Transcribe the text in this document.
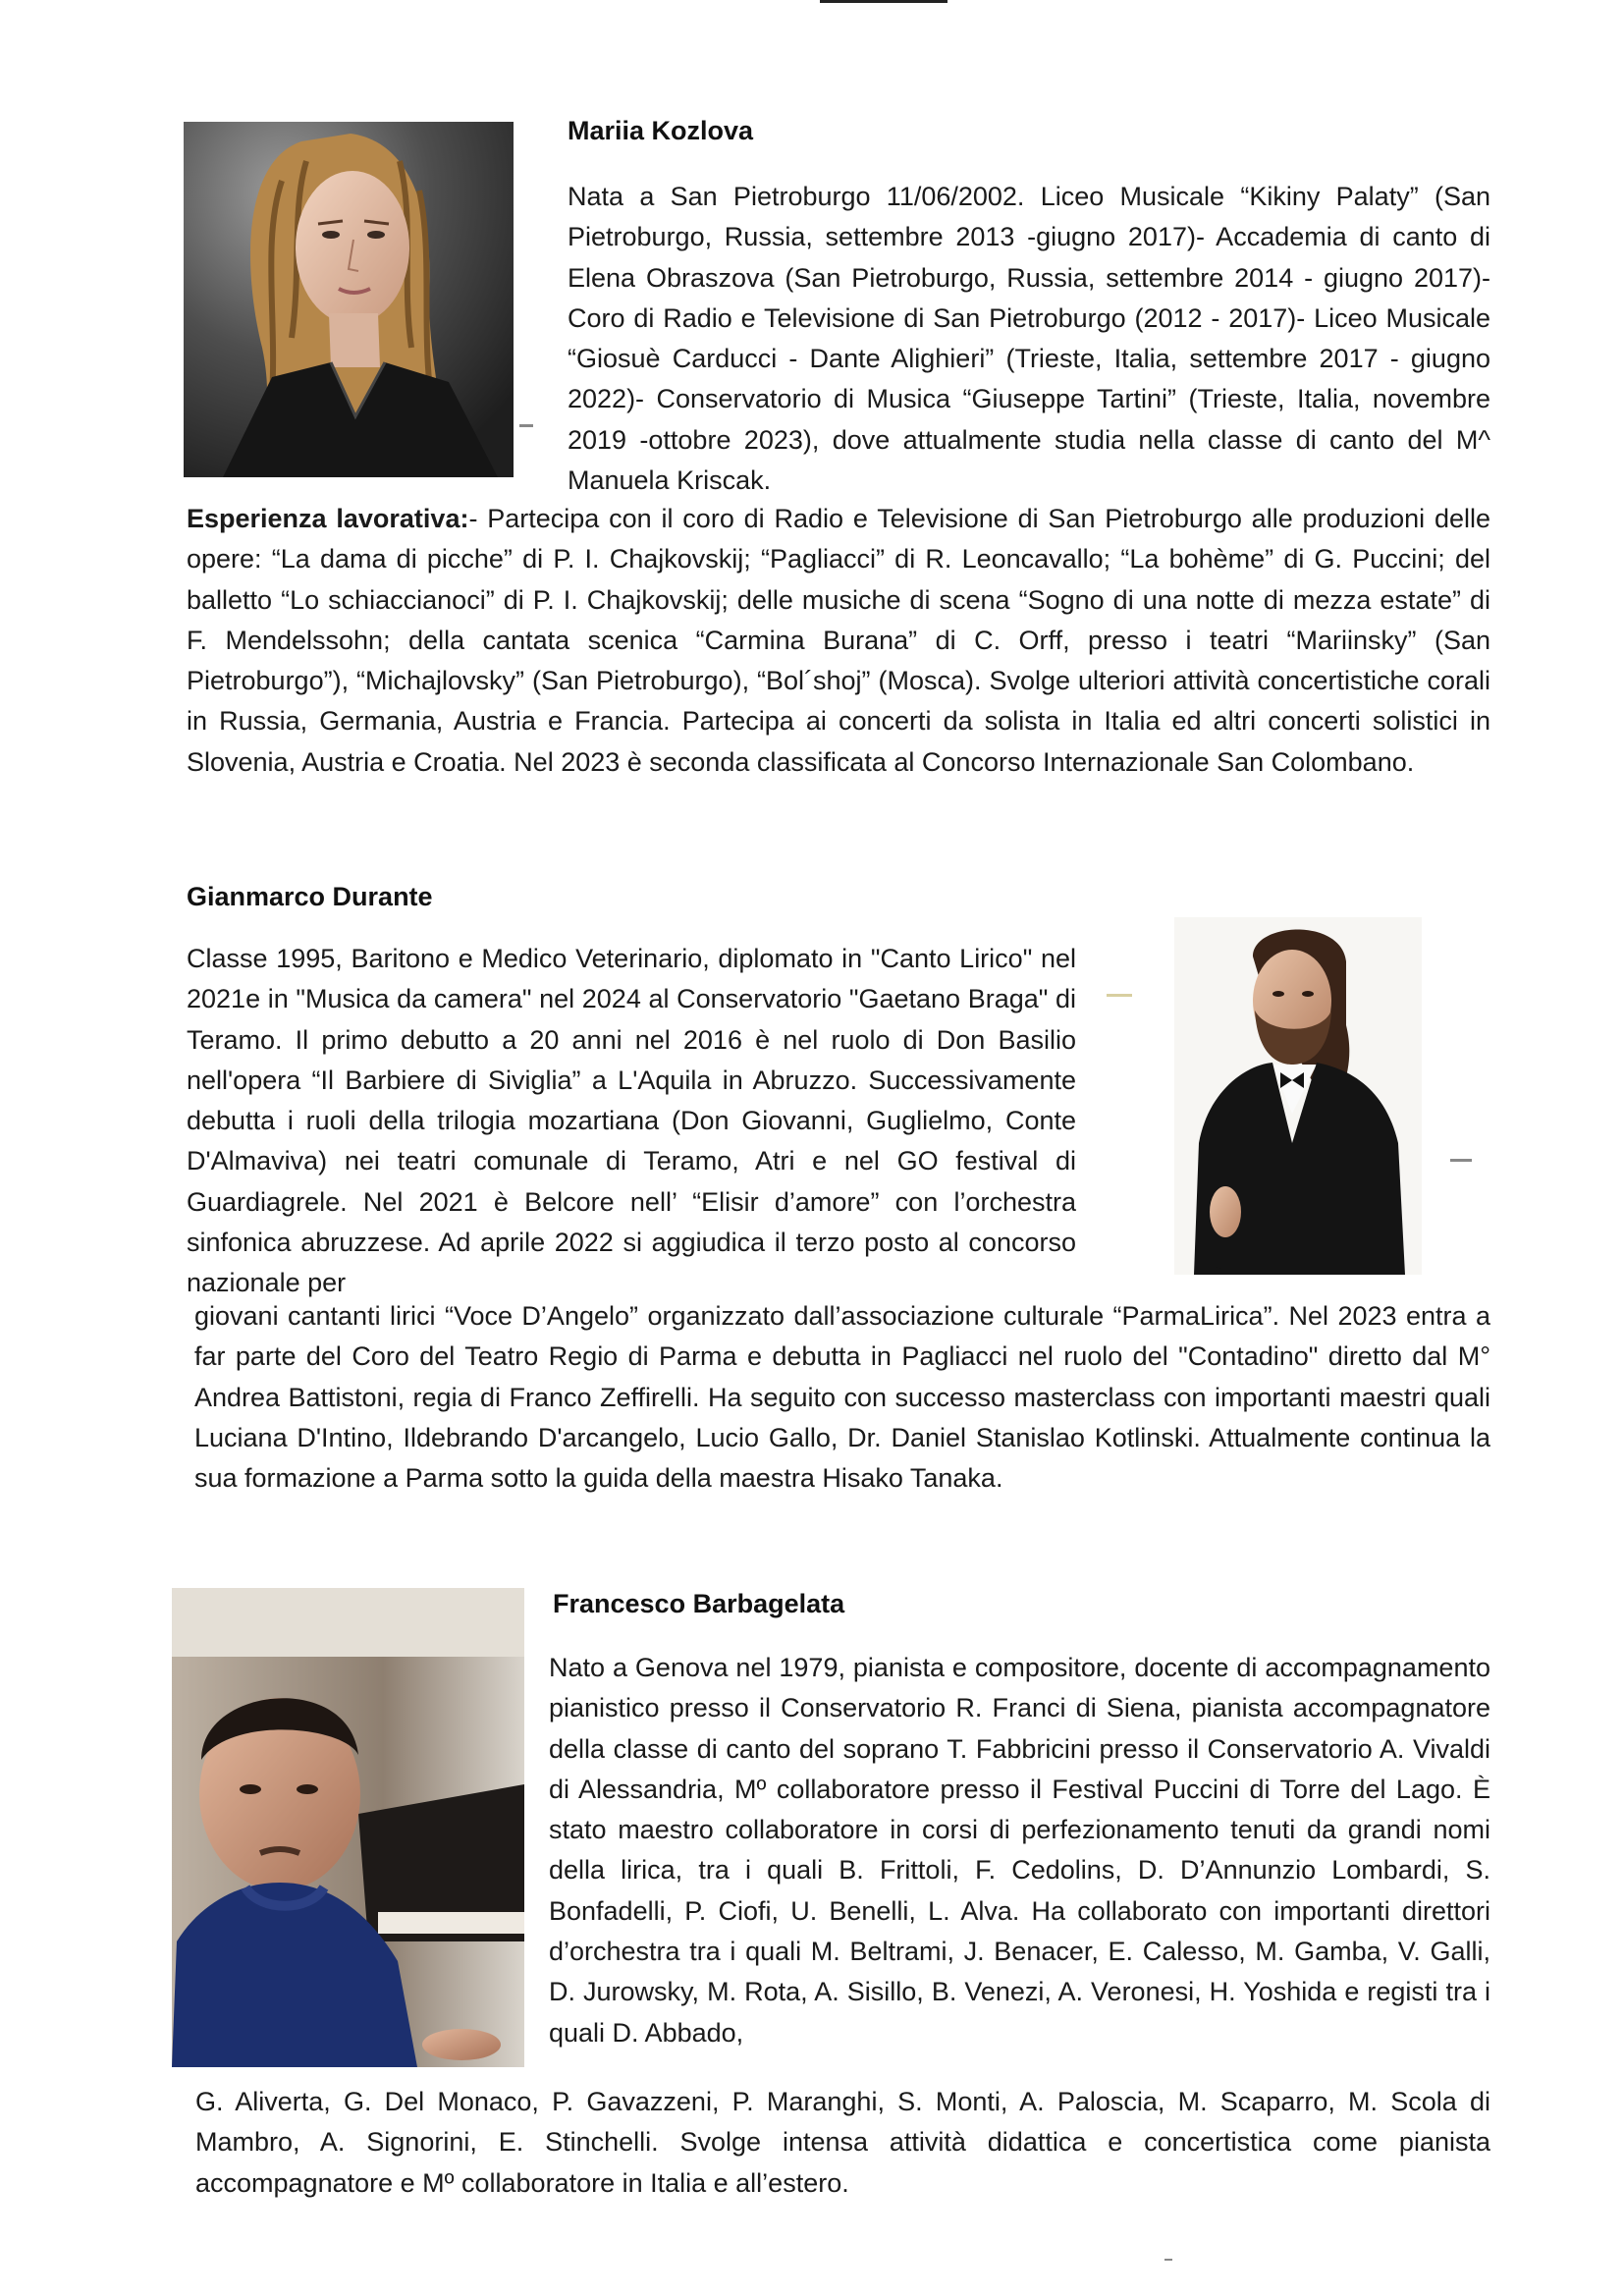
Mariia Kozlova

Nata a San Pietroburgo 11/06/2002. Liceo Musicale “Kikiny Palaty” (San Pietroburgo, Russia, settembre 2013 -giugno 2017)- Accademia di canto di Elena Obraszova (San Pietroburgo, Russia, settembre 2014 - giugno 2017)- Coro di Radio e Televisione di San Pietroburgo (2012 - 2017)- Liceo Musicale “Giosuè Carducci - Dante Alighieri” (Trieste, Italia, settembre 2017 - giugno 2022)- Conservatorio di Musica “Giuseppe Tartini” (Trieste, Italia, novembre 2019 -ottobre 2023), dove attualmente studia nella classe di canto del M^ Manuela Kriscak.

Esperienza lavorativa:- Partecipa con il coro di Radio e Televisione di San Pietroburgo alle produzioni delle opere: “La dama di picche” di P. I. Chajkovskij; “Pagliacci” di R. Leoncavallo; “La bohème” di G. Puccini; del balletto “Lo schiaccianoci” di P. I. Chajkovskij; delle musiche di scena “Sogno di una notte di mezza estate” di F. Mendelssohn; della cantata scenica “Carmina Burana” di C. Orff, presso i teatri “Mariinsky” (San Pietroburgo”), “Michajlovsky” (San Pietroburgo), “Bol´shoj” (Mosca). Svolge ulteriori attività concertistiche corali in Russia, Germania, Austria e Francia. Partecipa ai concerti da solista in Italia ed altri concerti solistici in Slovenia, Austria e Croatia. Nel 2023 è seconda classificata al Concorso Internazionale San Colombano.

Gianmarco Durante

Classe 1995, Baritono e Medico Veterinario, diplomato in "Canto Lirico" nel 2021e in "Musica da camera" nel 2024 al Conservatorio "Gaetano Braga" di Teramo. Il primo debutto a 20 anni nel 2016 è nel ruolo di Don Basilio nell'opera “Il Barbiere di Siviglia” a L'Aquila in Abruzzo. Successivamente debutta i ruoli della trilogia mozartiana (Don Giovanni, Guglielmo, Conte D'Almaviva) nei teatri comunale di Teramo, Atri e nel GO festival di Guardiagrele. Nel 2021 è Belcore nell’ “Elisir d’amore” con l’orchestra sinfonica abruzzese. Ad aprile 2022 si aggiudica il terzo posto al concorso nazionale per

giovani cantanti lirici “Voce D’Angelo” organizzato dall’associazione culturale “ParmaLirica”. Nel 2023 entra a far parte del Coro del Teatro Regio di Parma e debutta in Pagliacci nel ruolo del "Contadino" diretto dal M° Andrea Battistoni, regia di Franco Zeffirelli. Ha seguito con successo masterclass con importanti maestri quali Luciana D'Intino, Ildebrando D'arcangelo, Lucio Gallo, Dr. Daniel Stanislao Kotlinski. Attualmente continua la sua formazione a Parma sotto la guida della maestra Hisako Tanaka.

Francesco Barbagelata

Nato a Genova nel 1979, pianista e compositore, docente di accompagnamento pianistico presso il Conservatorio R. Franci di Siena, pianista accompagnatore della classe di canto del soprano T. Fabbricini presso il Conservatorio A. Vivaldi di Alessandria, Mº collaboratore presso il Festival Puccini di Torre del Lago. È stato maestro collaboratore in corsi di perfezionamento tenuti da grandi nomi della lirica, tra i quali B. Frittoli, F. Cedolins, D. D’Annunzio Lombardi, S. Bonfadelli, P. Ciofi, U. Benelli, L. Alva. Ha collaborato con importanti direttori d’orchestra tra i quali M. Beltrami, J. Benacer, E. Calesso, M. Gamba, V. Galli, D. Jurowsky, M. Rota, A. Sisillo, B. Venezi, A. Veronesi, H. Yoshida e registi tra i quali D. Abbado,

G. Aliverta, G. Del Monaco, P. Gavazzeni, P. Maranghi, S. Monti, A. Paloscia, M. Scaparro, M. Scola di Mambro, A. Signorini, E. Stinchelli. Svolge intensa attività didattica e concertistica come pianista accompagnatore e Mº collaboratore in Italia e all’estero.
